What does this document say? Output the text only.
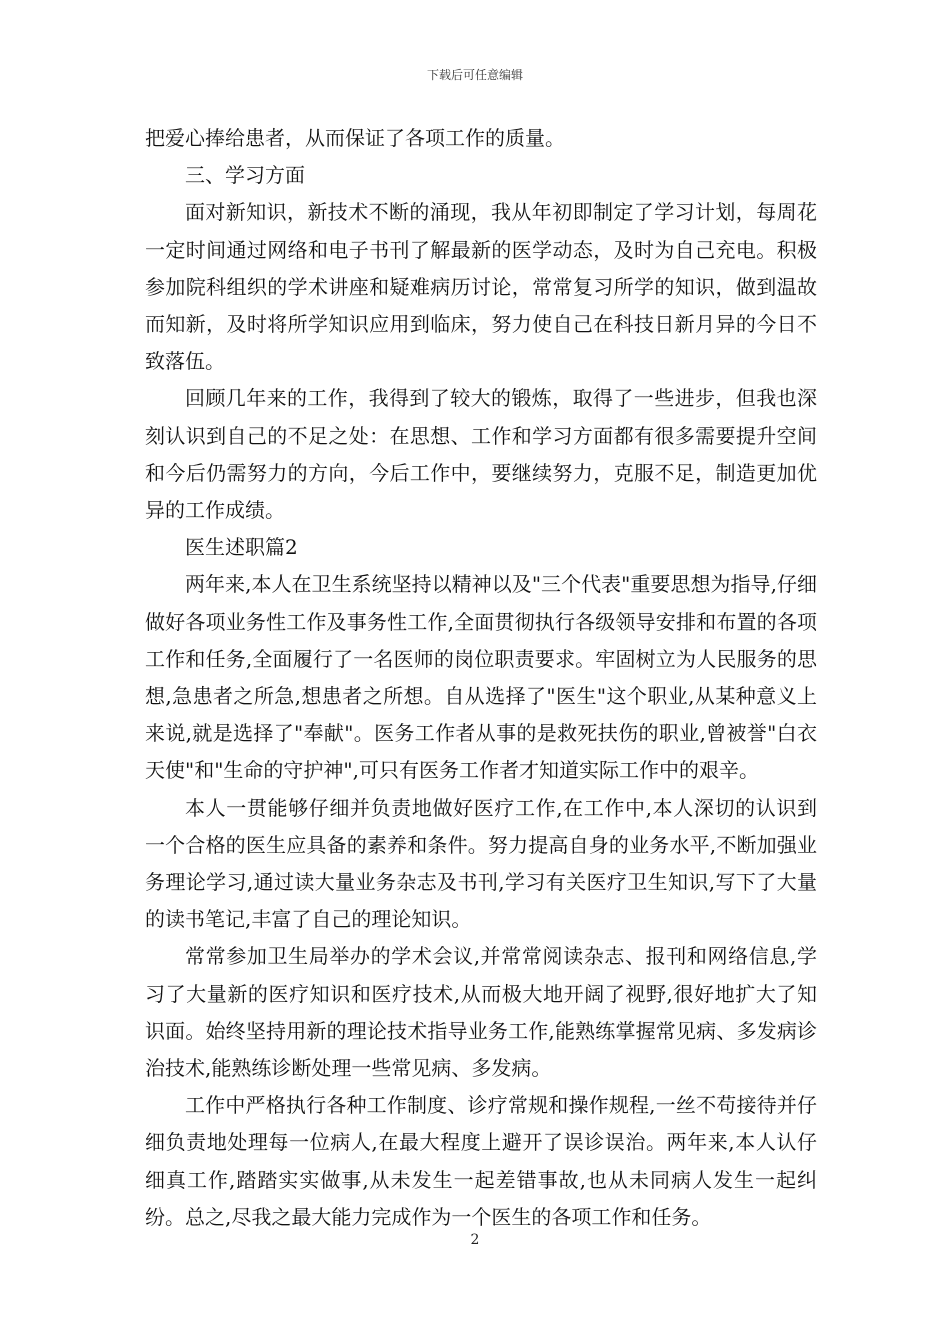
下载后可任意编辑

把爱心捧给患者，从而保证了各项工作的质量。

三、学习方面

面对新知识，新技术不断的涌现，我从年初即制定了学习计划，每周花一定时间通过网络和电子书刊了解最新的医学动态，及时为自己充电。积极参加院科组织的学术讲座和疑难病历讨论，常常复习所学的知识，做到温故而知新，及时将所学知识应用到临床，努力使自己在科技日新月异的今日不致落伍。

回顾几年来的工作，我得到了较大的锻炼，取得了一些进步，但我也深刻认识到自己的不足之处：在思想、工作和学习方面都有很多需要提升空间和今后仍需努力的方向，今后工作中，要继续努力，克服不足，制造更加优异的工作成绩。

医生述职篇2

两年来,本人在卫生系统坚持以精神以及"三个代表"重要思想为指导,仔细做好各项业务性工作及事务性工作,全面贯彻执行各级领导安排和布置的各项工作和任务,全面履行了一名医师的岗位职责要求。牢固树立为人民服务的思想,急患者之所急,想患者之所想。自从选择了"医生"这个职业,从某种意义上来说,就是选择了"奉献"。医务工作者从事的是救死扶伤的职业,曾被誉"白衣天使"和"生命的守护神",可只有医务工作者才知道实际工作中的艰辛。

本人一贯能够仔细并负责地做好医疗工作,在工作中,本人深切的认识到一个合格的医生应具备的素养和条件。努力提高自身的业务水平,不断加强业务理论学习,通过读大量业务杂志及书刊,学习有关医疗卫生知识,写下了大量的读书笔记,丰富了自己的理论知识。

常常参加卫生局举办的学术会议,并常常阅读杂志、报刊和网络信息,学习了大量新的医疗知识和医疗技术,从而极大地开阔了视野,很好地扩大了知识面。始终坚持用新的理论技术指导业务工作,能熟练掌握常见病、多发病诊治技术,能熟练诊断处理一些常见病、多发病。

工作中严格执行各种工作制度、诊疗常规和操作规程,一丝不苟接待并仔细负责地处理每一位病人,在最大程度上避开了误诊误治。两年来,本人认仔细真工作,踏踏实实做事,从未发生一起差错事故,也从未同病人发生一起纠纷。总之,尽我之最大能力完成作为一个医生的各项工作和任务。

2
